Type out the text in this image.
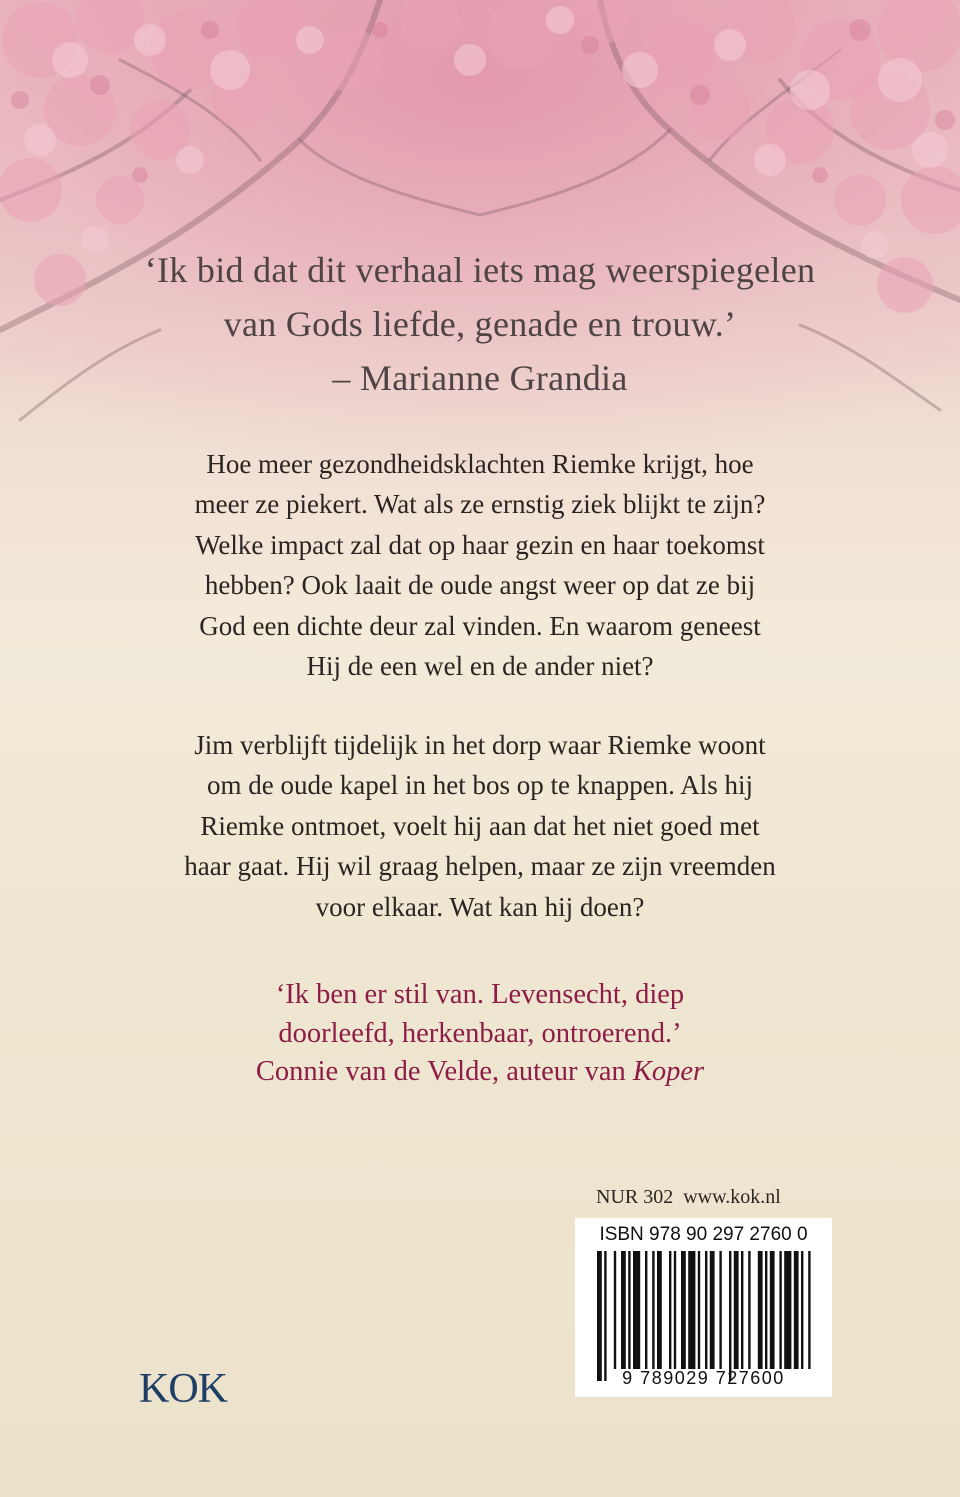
‘Ik bid dat dit verhaal iets mag weerspiegelen
van Gods liefde, genade en trouw.’
– Marianne Grandia
Hoe meer gezondheidsklachten Riemke krijgt, hoe
meer ze piekert. Wat als ze ernstig ziek blijkt te zijn?
Welke impact zal dat op haar gezin en haar toekomst
hebben? Ook laait de oude angst weer op dat ze bij
God een dichte deur zal vinden. En waarom geneest
Hij de een wel en de ander niet?
Jim verblijft tijdelijk in het dorp waar Riemke woont
om de oude kapel in het bos op te knappen. Als hij
Riemke ontmoet, voelt hij aan dat het niet goed met
haar gaat. Hij wil graag helpen, maar ze zijn vreemden
voor elkaar. Wat kan hij doen?
‘Ik ben er stil van. Levensecht, diep
doorleefd, herkenbaar, ontroerend.’
Connie van de Velde, auteur van Koper
NUR 302 www.kok.nl
ISBN 978 90 297 2760 0
9 789029 727600
KOK
